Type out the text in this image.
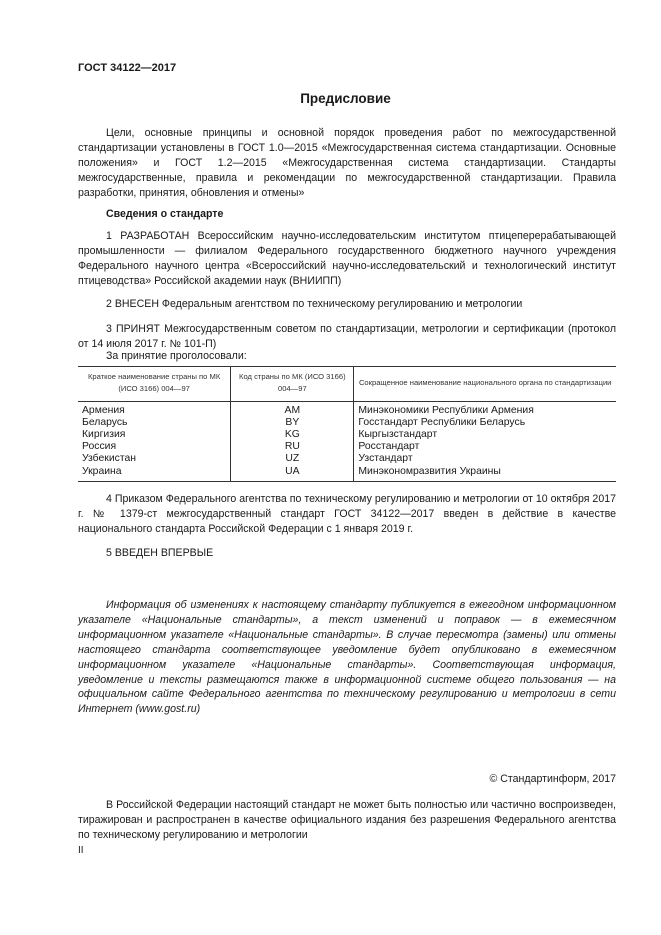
ГОСТ 34122—2017
Предисловие
Цели, основные принципы и основной порядок проведения работ по межгосударственной стандартизации установлены в ГОСТ 1.0—2015 «Межгосударственная система стандартизации. Основные положения» и ГОСТ 1.2—2015 «Межгосударственная система стандартизации. Стандарты межгосударственные, правила и рекомендации по межгосударственной стандартизации. Правила разработки, принятия, обновления и отмены»
Сведения о стандарте
1 РАЗРАБОТАН Всероссийским научно-исследовательским институтом птицеперерабатывающей промышленности — филиалом Федерального государственного бюджетного научного учреждения Федерального научного центра «Всероссийский научно-исследовательский и технологический институт птицеводства» Российской академии наук (ВНИИПП)
2 ВНЕСЕН Федеральным агентством по техническому регулированию и метрологии
3 ПРИНЯТ Межгосударственным советом по стандартизации, метрологии и сертификации (протокол от 14 июля 2017 г. № 101-П)
За принятие проголосовали:
Краткое наименование страны по МК (ИСО 3166) 004—97	Код страны по МК (ИСО 3166) 004—97	Сокращенное наименование национального органа по стандартизации
Армения	AM	Минэкономики Республики Армения
Беларусь	BY	Госстандарт Республики Беларусь
Киргизия	KG	Кыргызстандарт
Россия	RU	Росстандарт
Узбекистан	UZ	Узстандарт
Украина	UA	Минэкономразвития Украины
4 Приказом Федерального агентства по техническому регулированию и метрологии от 10 октября 2017 г. № 1379-ст межгосударственный стандарт ГОСТ 34122—2017 введен в действие в качестве национального стандарта Российской Федерации с 1 января 2019 г.
5 ВВЕДЕН ВПЕРВЫЕ
Информация об изменениях к настоящему стандарту публикуется в ежегодном информационном указателе «Национальные стандарты», а текст изменений и поправок — в ежемесячном информационном указателе «Национальные стандарты». В случае пересмотра (замены) или отмены настоящего стандарта соответствующее уведомление будет опубликовано в ежемесячном информационном указателе «Национальные стандарты». Соответствующая информация, уведомление и тексты размещаются также в информационной системе общего пользования — на официальном сайте Федерального агентства по техническому регулированию и метрологии в сети Интернет (www.gost.ru)
© Стандартинформ, 2017
В Российской Федерации настоящий стандарт не может быть полностью или частично воспроизведен, тиражирован и распространен в качестве официального издания без разрешения Федерального агентства по техническому регулированию и метрологии
II
